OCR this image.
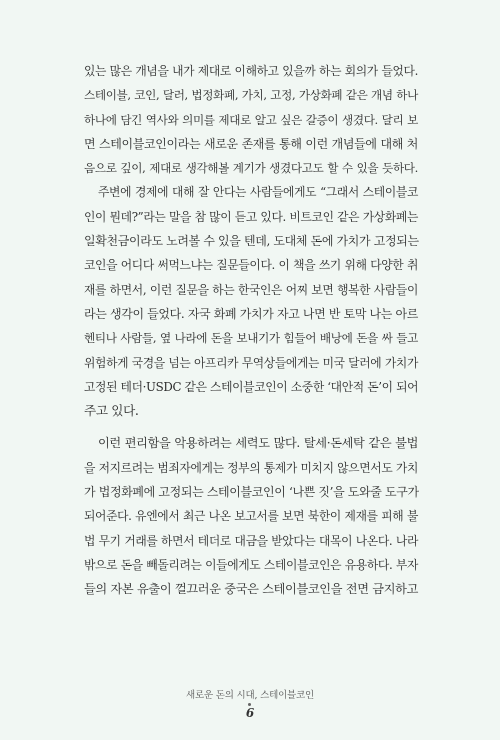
있는 많은 개념을 내가 제대로 이해하고 있을까 하는 회의가 들었다.
스테이블, 코인, 달러, 법정화폐, 가치, 고정, 가상화폐 같은 개념 하나
하나에 담긴 역사와 의미를 제대로 알고 싶은 갈증이 생겼다. 달리 보
면 스테이블코인이라는 새로운 존재를 통해 이런 개념들에 대해 처
음으로 깊이, 제대로 생각해볼 계기가 생겼다고도 할 수 있을 듯하다.
주변에 경제에 대해 잘 안다는 사람들에게도 “그래서 스테이블코
인이 뭔데?”라는 말을 참 많이 듣고 있다. 비트코인 같은 가상화폐는
일확천금이라도 노려볼 수 있을 텐데, 도대체 돈에 가치가 고정되는
코인을 어디다 써먹느냐는 질문들이다. 이 책을 쓰기 위해 다양한 취
재를 하면서, 이런 질문을 하는 한국인은 어찌 보면 행복한 사람들이
라는 생각이 들었다. 자국 화폐 가치가 자고 나면 반 토막 나는 아르
헨티나 사람들, 옆 나라에 돈을 보내기가 힘들어 배낭에 돈을 싸 들고
위험하게 국경을 넘는 아프리카 무역상들에게는 미국 달러에 가치가
고정된 테더·USDC 같은 스테이블코인이 소중한 ‘대안적 돈’이 되어
주고 있다.
이런 편리함을 악용하려는 세력도 많다. 탈세·돈세탁 같은 불법
을 저지르려는 범죄자에게는 정부의 통제가 미치지 않으면서도 가치
가 법정화폐에 고정되는 스테이블코인이 ‘나쁜 짓’을 도와줄 도구가
되어준다. 유엔에서 최근 나온 보고서를 보면 북한이 제재를 피해 불
법 무기 거래를 하면서 테더로 대금을 받았다는 대목이 나온다. 나라
밖으로 돈을 빼돌리려는 이들에게도 스테이블코인은 유용하다. 부자
들의 자본 유출이 껄끄러운 중국은 스테이블코인을 전면 금지하고
새로운 돈의 시대, 스테이블코인
6
